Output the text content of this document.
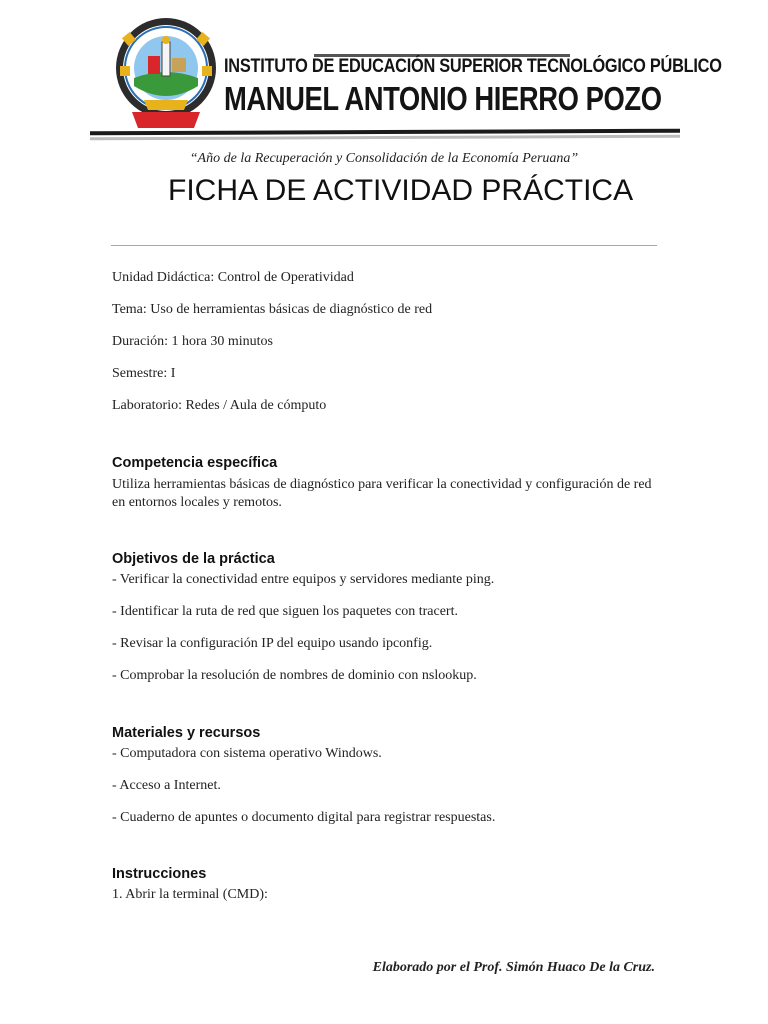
INSTITUTO DE EDUCACIÓN SUPERIOR TECNOLÓGICO PÚBLICO
MANUEL ANTONIO HIERRO POZO
“Año de la Recuperación y Consolidación de la Economía Peruana”
FICHA DE ACTIVIDAD PRÁCTICA
Unidad Didáctica: Control de Operatividad
Tema: Uso de herramientas básicas de diagnóstico de red
Duración: 1 hora 30 minutos
Semestre: I
Laboratorio: Redes / Aula de cómputo
Competencia específica
Utiliza herramientas básicas de diagnóstico para verificar la conectividad y configuración de red en entornos locales y remotos.
Objetivos de la práctica
- Verificar la conectividad entre equipos y servidores mediante ping.
- Identificar la ruta de red que siguen los paquetes con tracert.
- Revisar la configuración IP del equipo usando ipconfig.
- Comprobar la resolución de nombres de dominio con nslookup.
Materiales y recursos
- Computadora con sistema operativo Windows.
- Acceso a Internet.
- Cuaderno de apuntes o documento digital para registrar respuestas.
Instrucciones
1. Abrir la terminal (CMD):
Elaborado por el Prof. Simón Huaco De la Cruz.
